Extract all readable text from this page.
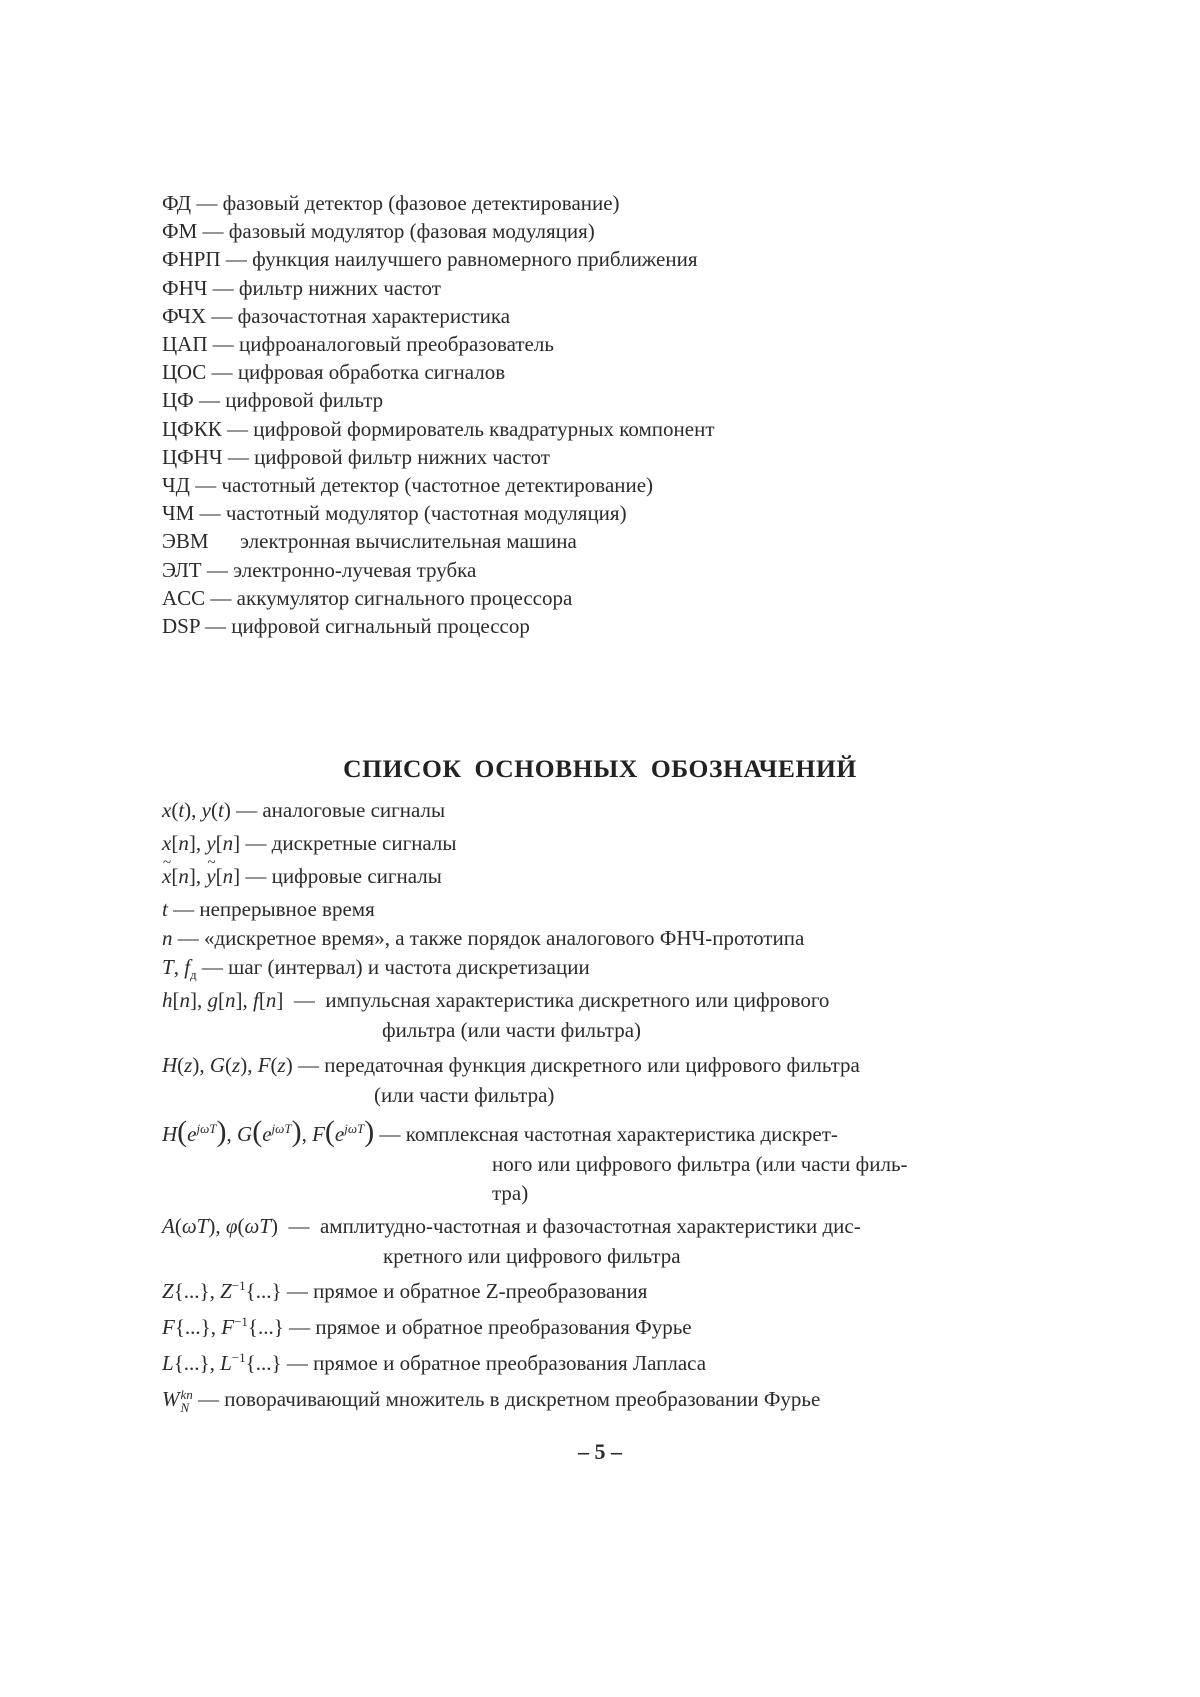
ФД — фазовый детектор (фазовое детектирование)
ФМ — фазовый модулятор (фазовая модуляция)
ФНРП — функция наилучшего равномерного приближения
ФНЧ — фильтр нижних частот
ФЧХ — фазочастотная характеристика
ЦАП — цифроаналоговый преобразователь
ЦОС — цифровая обработка сигналов
ЦФ — цифровой фильтр
ЦФКК — цифровой формирователь квадратурных компонент
ЦФНЧ — цифровой фильтр нижних частот
ЧД — частотный детектор (частотное детектирование)
ЧМ — частотный модулятор (частотная модуляция)
ЭВМ      электронная вычислительная машина
ЭЛТ — электронно-лучевая трубка
ACC — аккумулятор сигнального процессора
DSP — цифровой сигнальный процессор
СПИСОК ОСНОВНЫХ ОБОЗНАЧЕНИЙ
x(t), y(t) — аналоговые сигналы
x[n], y[n] — дискретные сигналы
~ x[n], ~ y[n] — цифровые сигналы
t — непрерывное время
n — «дискретное время», а также порядок аналогового ФНЧ-прототипа
T, $f_д$ — шаг (интервал) и частота дискретизации
h[n], g[n], f[n]  — импульсная характеристика дискретного или цифрового
фильтра (или части фильтра)
H(z), G(z), F(z) — передаточная функция дискретного или цифрового фильтра
(или части фильтра)
$H(e^{j\omega T})$, $G(e^{j\omega T})$, $F(e^{j\omega T})$ — комплексная частотная характеристика дискрет-
ного или цифрового фильтра (или части филь-
тра)
A(ωT), φ(ωT)  — амплитудно-частотная и фазочастотная характеристики дис-
кретного или цифрового фильтра
Z{...}, $Z^{-1}\{...\}$ — прямое и обратное Z-преобразования
F{...}, $F^{-1}\{...\}$ — прямое и обратное преобразования Фурье
L{...}, $L^{-1}\{...\}$ — прямое и обратное преобразования Лапласа
W kn
N
— поворачивающий множитель в дискретном преобразовании Фурье
– 5 –
